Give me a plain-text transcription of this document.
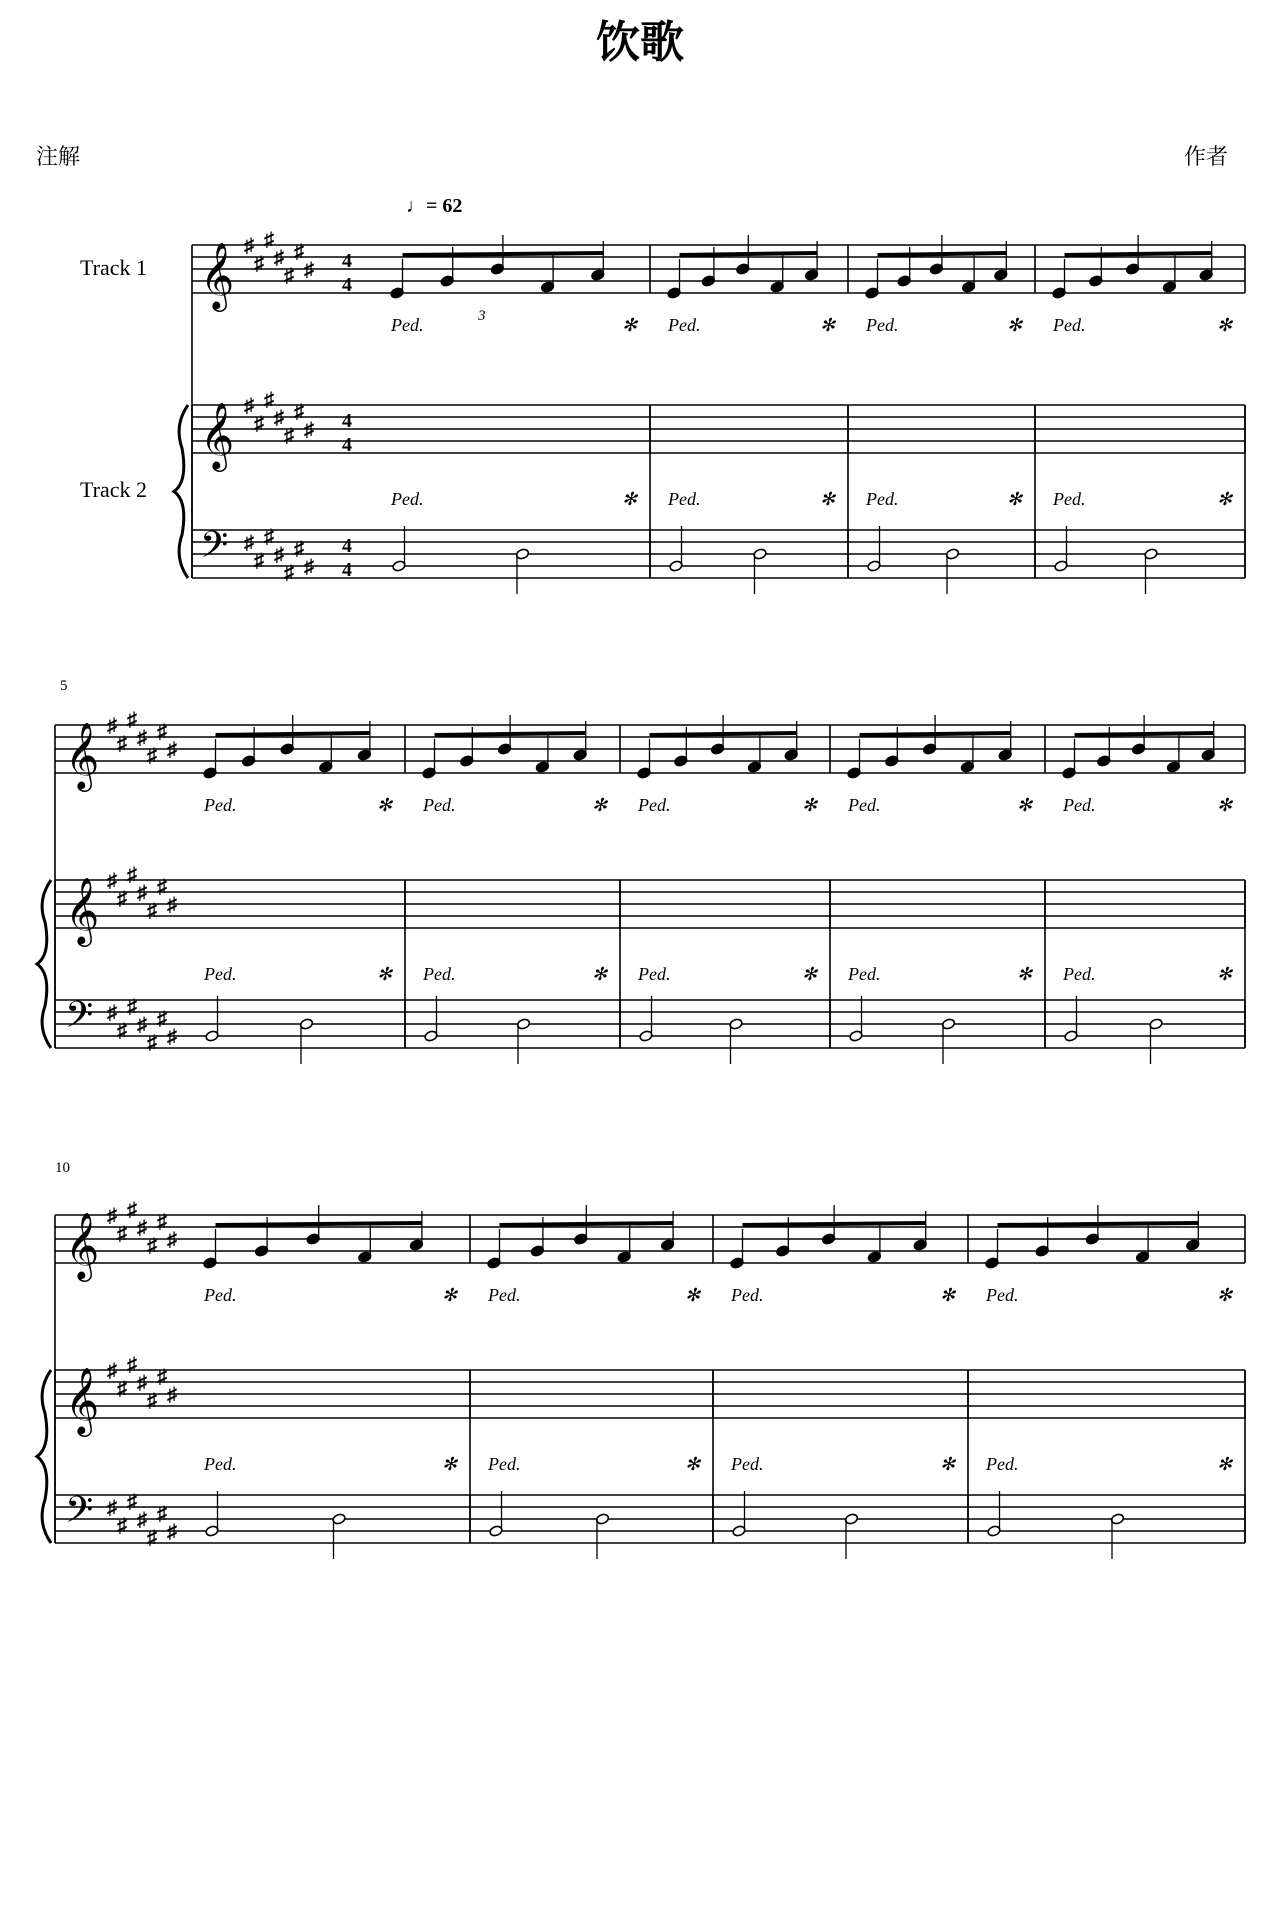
饮歌
注解	作者
𝄞 ♯
♯
♯
♯
♯
♯
♯ 4
4
𝄞 ♯
♯
♯
♯
♯
♯
♯ 4
4
𝄢 ♯
♯
♯
♯
♯
♯
♯
4
4
Ped.	✻
Ped.	✻
Ped.	✻
Ped.	✻
Ped.	✻
Ped.	✻
Ped.	✻
Ped.	✻
𝄞 ♯
♯
♯
♯
♯
♯
♯
𝄞 ♯
♯
♯
♯
♯
♯
♯
𝄢 ♯
♯
♯
♯
♯
♯
♯
Ped.	✻
Ped.	✻
Ped.	✻
Ped.	✻
Ped.	✻
Ped.	✻
Ped.	✻
Ped.	✻
Ped.	✻
Ped.	✻
𝄞 ♯
♯
♯
♯
♯
♯
♯
𝄞 ♯
♯
♯
♯
♯
♯
♯
𝄢 ♯
♯
♯
♯
♯
♯
♯
Ped.	✻
Ped.	✻
Ped.	✻
Ped.	✻
Ped.	✻
Ped.	✻
Ped.	✻
Ped.	✻
Track 1
Track 2
♩= 62
3
5
10
